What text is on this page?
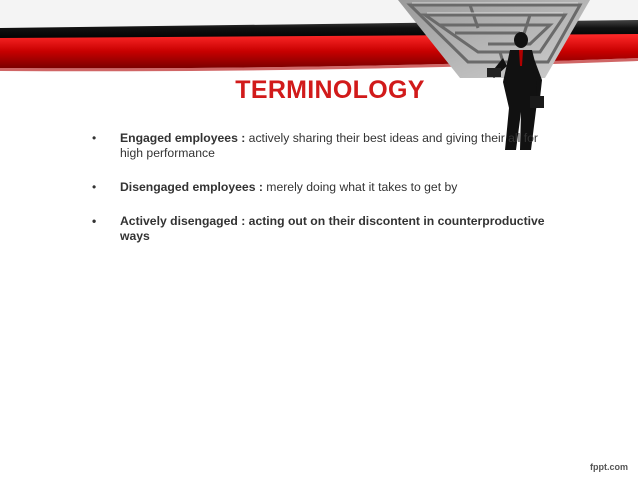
TERMINOLOGY
• Engaged employees : actively sharing their best ideas and giving their all for high performance
• Disengaged employees : merely doing what it takes to get by
• Actively disengaged : acting out on their discontent in counterproductive ways
fppt.com
